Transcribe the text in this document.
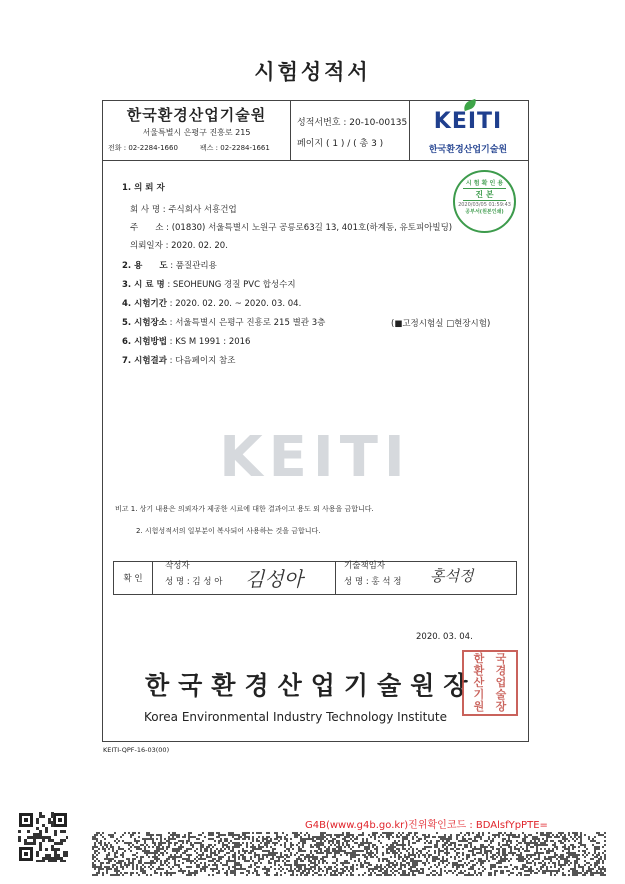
시험성적서
한국환경산업기술원
서울특별시 은평구 진흥로 215
전화 : 02-2284-1660	팩스 : 02-2284-1661
성적서번호 : 20-10-00135
페이지 ( 1 ) / ( 총 3 )
KEITI
한국환경산업기술원
1. 의 뢰 자
회 사 명 : 주식회사 서흥건업
주　　소 : (01830) 서울특별시 노원구 공릉로63길 13, 401호(하계동, 유토피아빌딩)
의뢰일자 : 2020. 02. 20.
2. 용　　도 : 품질관리용
3. 시 료 명 : SEOHEUNG 경질 PVC 합성수지
4. 시험기간 : 2020. 02. 20. ~ 2020. 03. 04.
5. 시험장소 : 서울특별시 은평구 진흥로 215 별관 3층	(■고정시험실 □현장시험)
6. 시험방법 : KS M 1991 : 2016
7. 시험결과 : 다음페이지 참조
시 험 확 인 용
진 본
2020/03/05 01:59:43
공부서(원본인쇄)
KEITI
비고 1. 상기 내용은 의뢰자가 제공한 시료에 대한 결과이고 용도 외 사용을 금합니다.
2. 시험성적서의 일부분이 복사되어 사용하는 것을 금합니다.
확 인
작성자
성 명 : 김 성 아 김성아
기술책임자
성 명 : 홍 석 정 홍석정
2020. 03. 04.
한국환경산업기술원장
Korea Environmental Industry Technology Institute
한	국
환	경
산	업
기	술
원	장
KEITI-QPF-16-03(00)
G4B(www.g4b.go.kr)진위확인코드 : BDAlsfYpPTE=
